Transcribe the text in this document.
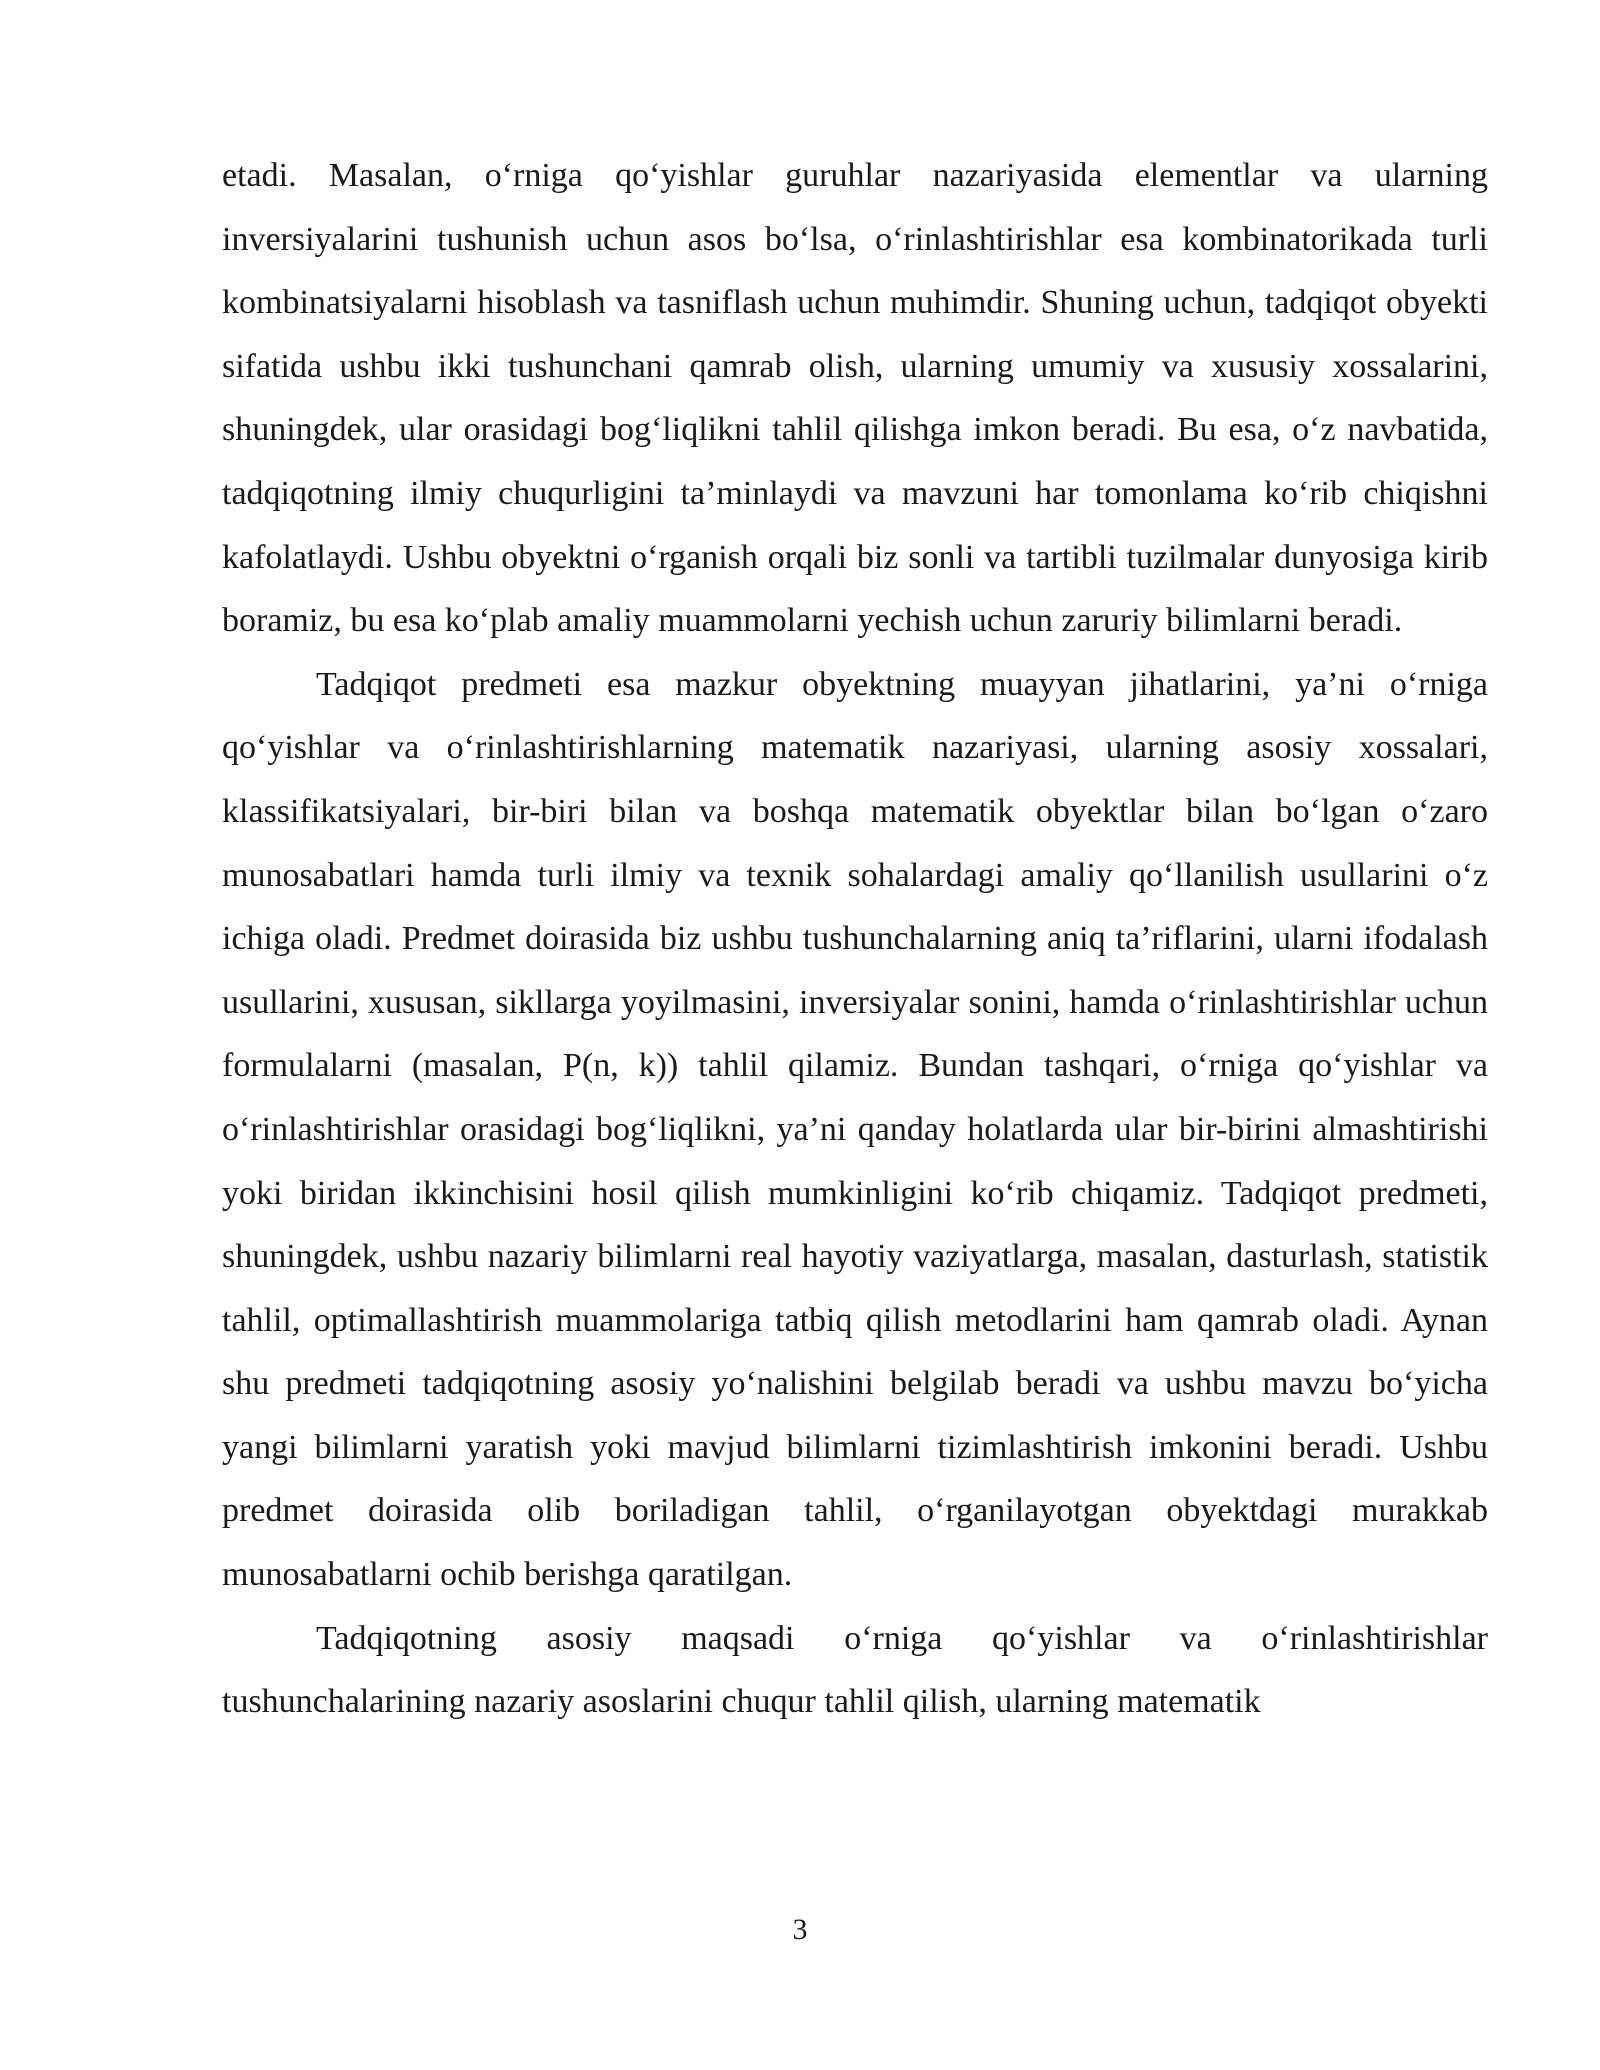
etadi. Masalan, o‘rniga qo‘yishlar guruhlar nazariyasida elementlar va ularning inversiyalarini tushunish uchun asos bo‘lsa, o‘rinlashtirishlar esa kombinatorikada turli kombinatsiyalarni hisoblash va tasniflash uchun muhimdir. Shuning uchun, tadqiqot obyekti sifatida ushbu ikki tushunchani qamrab olish, ularning umumiy va xususiy xossalarini, shuningdek, ular orasidagi bog‘liqlikni tahlil qilishga imkon beradi. Bu esa, o‘z navbatida, tadqiqotning ilmiy chuqurligini ta’minlaydi va mavzuni har tomonlama ko‘rib chiqishni kafolatlaydi. Ushbu obyektni o‘rganish orqali biz sonli va tartibli tuzilmalar dunyosiga kirib boramiz, bu esa ko‘plab amaliy muammolarni yechish uchun zaruriy bilimlarni beradi.

Tadqiqot predmeti esa mazkur obyektning muayyan jihatlarini, ya’ni o‘rniga qo‘yishlar va o‘rinlashtirishlarning matematik nazariyasi, ularning asosiy xossalari, klassifikatsiyalari, bir-biri bilan va boshqa matematik obyektlar bilan bo‘lgan o‘zaro munosabatlari hamda turli ilmiy va texnik sohalardagi amaliy qo‘llanilish usullarini o‘z ichiga oladi. Predmet doirasida biz ushbu tushunchalarning aniq ta’riflarini, ularni ifodalash usullarini, xususan, sikllarga yoyilmasini, inversiyalar sonini, hamda o‘rinlashtirishlar uchun formulalarni (masalan, P(n, k)) tahlil qilamiz. Bundan tashqari, o‘rniga qo‘yishlar va o‘rinlashtirishlar orasidagi bog‘liqlikni, ya’ni qanday holatlarda ular bir-birini almashtirishi yoki biridan ikkinchisini hosil qilish mumkinligini ko‘rib chiqamiz. Tadqiqot predmeti, shuningdek, ushbu nazariy bilimlarni real hayotiy vaziyatlarga, masalan, dasturlash, statistik tahlil, optimallashtirish muammolariga tatbiq qilish metodlarini ham qamrab oladi. Aynan shu predmeti tadqiqotning asosiy yo‘nalishini belgilab beradi va ushbu mavzu bo‘yicha yangi bilimlarni yaratish yoki mavjud bilimlarni tizimlashtirish imkonini beradi. Ushbu predmet doirasida olib boriladigan tahlil, o‘rganilayotgan obyektdagi murakkab munosabatlarni ochib berishga qaratilgan.

Tadqiqotning asosiy maqsadi o‘rniga qo‘yishlar va o‘rinlashtirishlar tushunchalarining nazariy asoslarini chuqur tahlil qilish, ularning matematik

3
